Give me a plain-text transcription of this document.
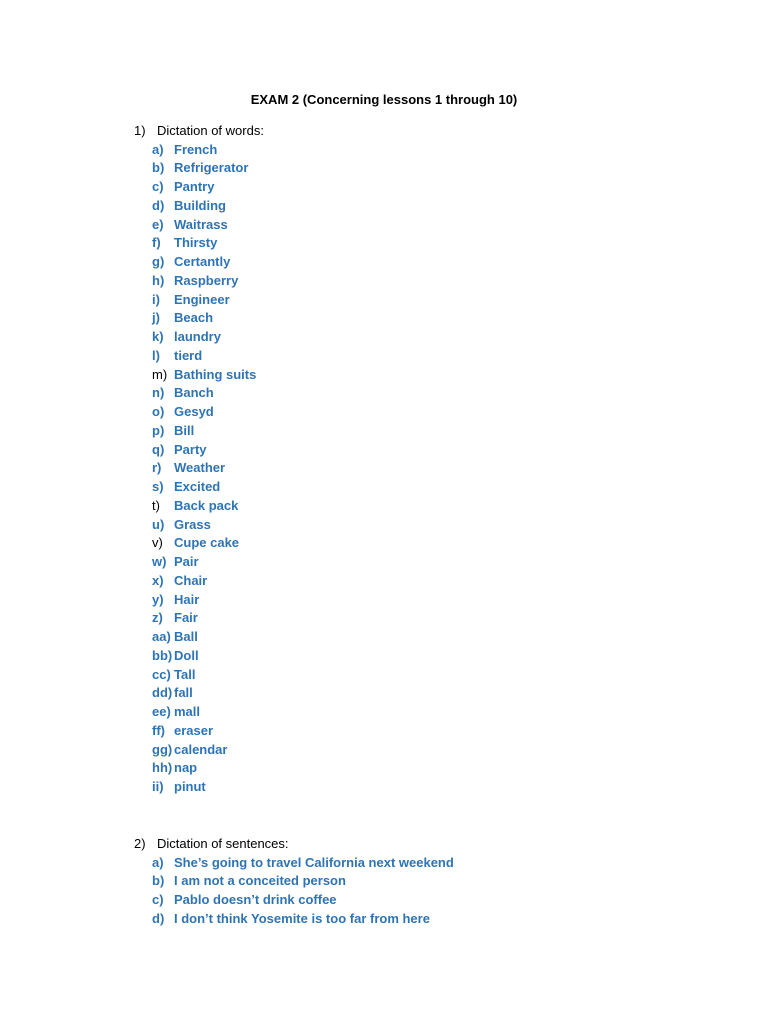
EXAM 2 (Concerning lessons 1 through 10)
1) Dictation of words:
a) French
b) Refrigerator
c) Pantry
d) Building
e) Waitrass
f) Thirsty
g) Certantly
h) Raspberry
i) Engineer
j) Beach
k) laundry
l) tierd
m) Bathing suits
n) Banch
o) Gesyd
p) Bill
q) Party
r) Weather
s) Excited
t) Back pack
u) Grass
v) Cupe cake
w) Pair
x) Chair
y) Hair
z) Fair
aa) Ball
bb) Doll
cc) Tall
dd) fall
ee) mall
ff) eraser
gg) calendar
hh) nap
ii) pinut
2) Dictation of sentences:
a) She’s going to travel California next weekend
b) I am not a conceited person
c) Pablo doesn’t drink coffee
d) I don’t think Yosemite is too far from here
